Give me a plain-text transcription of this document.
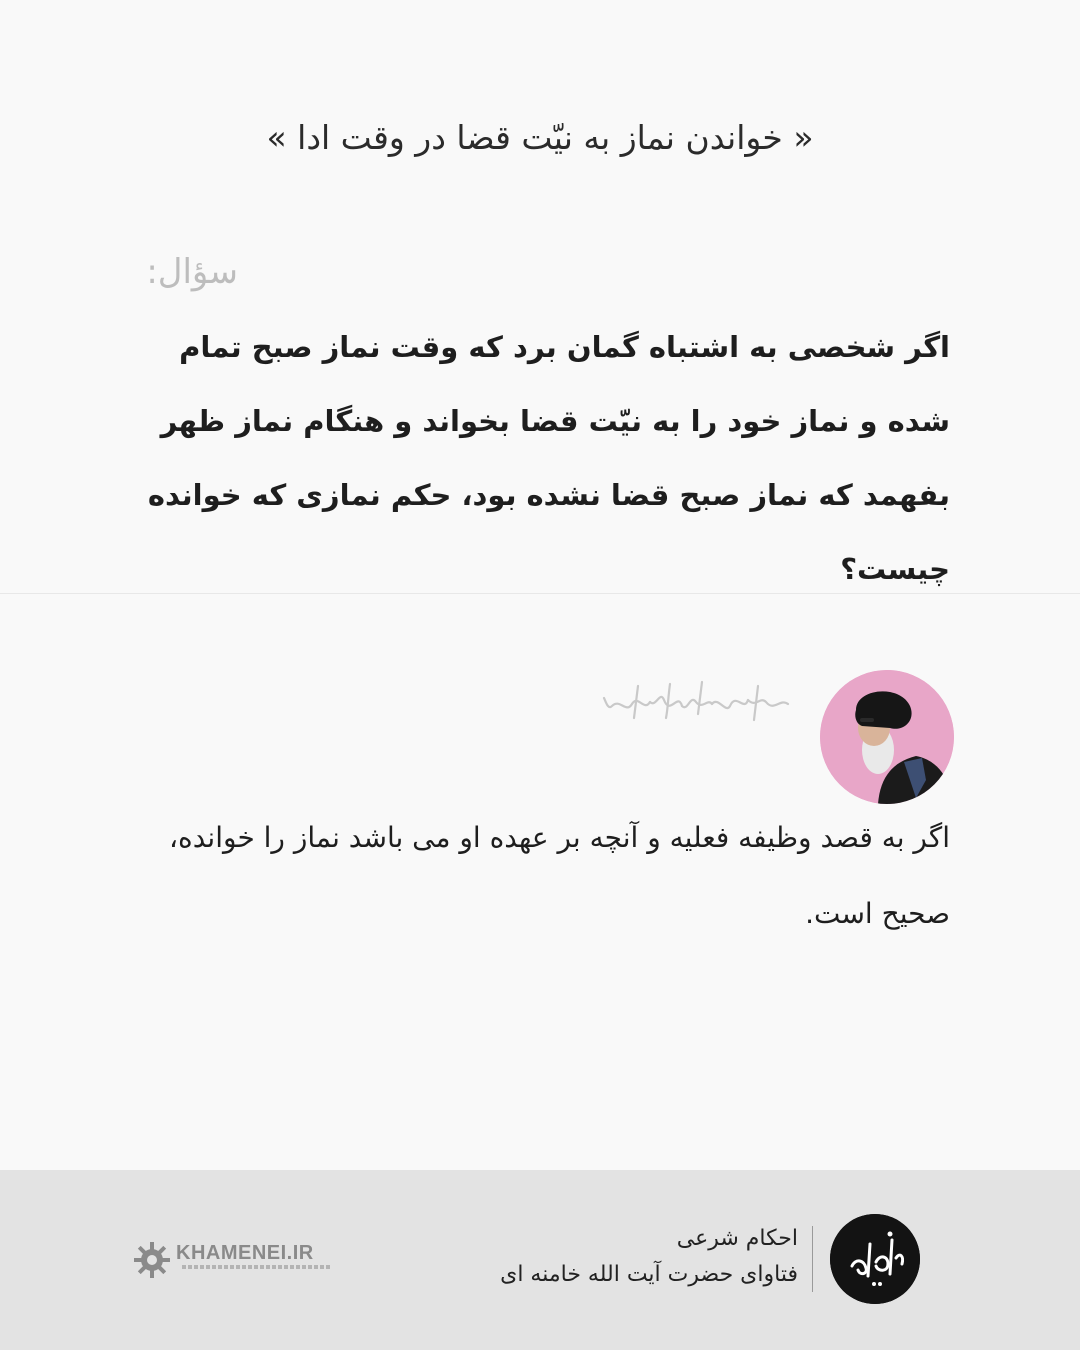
« خواندن نماز به نیّت قضا در وقت ادا »
سؤال:

اگر شخصی به اشتباه گمان برد که وقت نماز صبح تمام شده و نماز خود را به نیّت قضا بخواند و هنگام نماز ظهر بفهمد که نماز صبح قضا نشده بود، حکم نمازی که خوانده چیست؟

اگر به قصد وظیفه فعلیه و آنچه بر عهده او می باشد نماز را خوانده، صحیح است.

KHAMENEI.IR
احکام شرعی
فتاوای حضرت آیت الله خامنه ای
